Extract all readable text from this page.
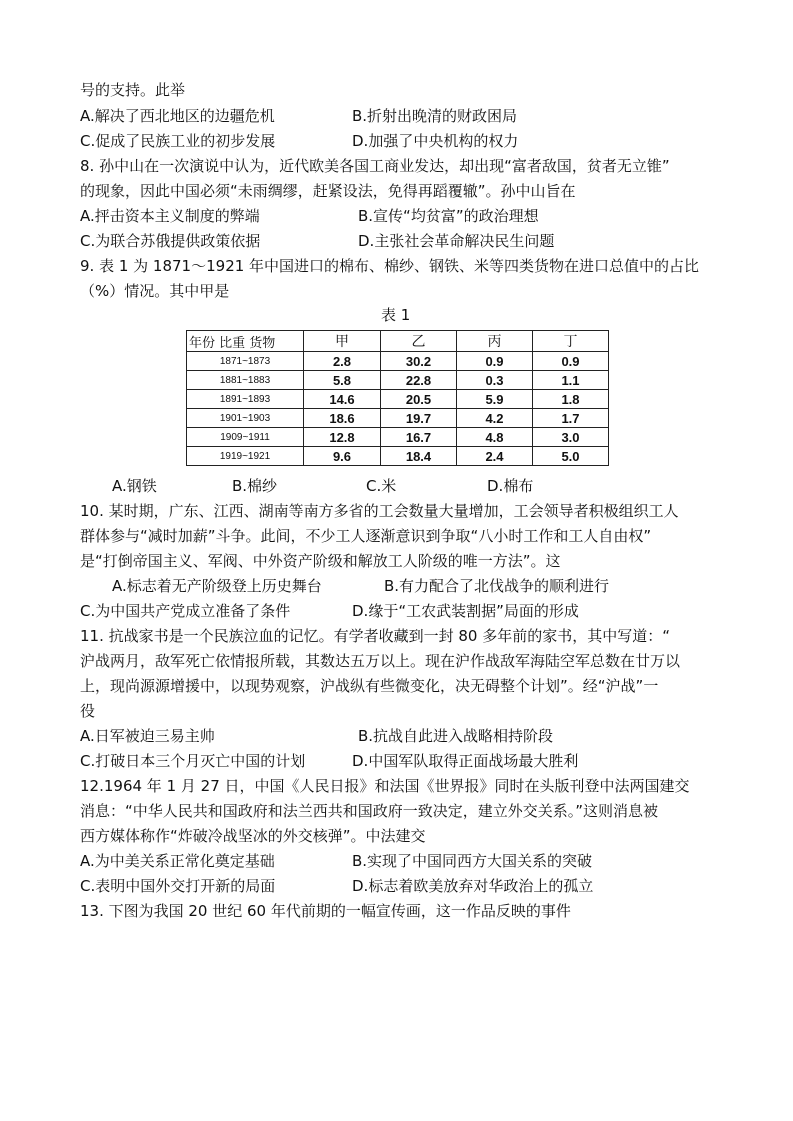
号的支持。此举
A.解决了西北地区的边疆危机	B.折射出晚清的财政困局
C.促成了民族工业的初步发展	D.加强了中央机构的权力
8. 孙中山在一次演说中认为，近代欧美各国工商业发达，却出现“富者敌国，贫者无立锥”
的现象，因此中国必须“未雨绸缪，赶紧设法，免得再蹈覆辙”。孙中山旨在
A.抨击资本主义制度的弊端	B.宣传“均贫富”的政治理想
C.为联合苏俄提供政策依据	D.主张社会革命解决民生问题
9. 表 1 为 1871～1921 年中国进口的棉布、棉纱、钢铁、米等四类货物在进口总值中的占比
（%）情况。其中甲是
表 1
年份 比重 货物	甲	乙	丙	丁
1871~1873	2.8	30.2	0.9	0.9
1881~1883	5.8	22.8	0.3	1.1
1891~1893	14.6	20.5	5.9	1.8
1901~1903	18.6	19.7	4.2	1.7
1909~1911	12.8	16.7	4.8	3.0
1919~1921	9.6	18.4	2.4	5.0
A.钢铁	B.棉纱	C.米	D.棉布
10. 某时期，广东、江西、湖南等南方多省的工会数量大量增加，工会领导者积极组织工人
群体参与“减时加薪”斗争。此间，不少工人逐渐意识到争取“八小时工作和工人自由权”
是“打倒帝国主义、军阀、中外资产阶级和解放工人阶级的唯一方法”。这
A.标志着无产阶级登上历史舞台	B.有力配合了北伐战争的顺利进行
C.为中国共产党成立准备了条件	D.缘于“工农武装割据”局面的形成
11. 抗战家书是一个民族泣血的记忆。有学者收藏到一封 80 多年前的家书，其中写道：“
沪战两月，敌军死亡依情报所载，其数达五万以上。现在沪作战敌军海陆空军总数在廿万以
上，现尚源源增援中，以现势观察，沪战纵有些微变化，决无碍整个计划”。经“沪战”一
役
A.日军被迫三易主帅	B.抗战自此进入战略相持阶段
C.打破日本三个月灭亡中国的计划	D.中国军队取得正面战场最大胜利
12.1964 年 1 月 27 日，中国《人民日报》和法国《世界报》同时在头版刊登中法两国建交
消息：“中华人民共和国政府和法兰西共和国政府一致决定，建立外交关系。”这则消息被
西方媒体称作“炸破冷战坚冰的外交核弹”。中法建交
A.为中美关系正常化奠定基础	B.实现了中国同西方大国关系的突破
C.表明中国外交打开新的局面	D.标志着欧美放弃对华政治上的孤立
13. 下图为我国 20 世纪 60 年代前期的一幅宣传画，这一作品反映的事件
